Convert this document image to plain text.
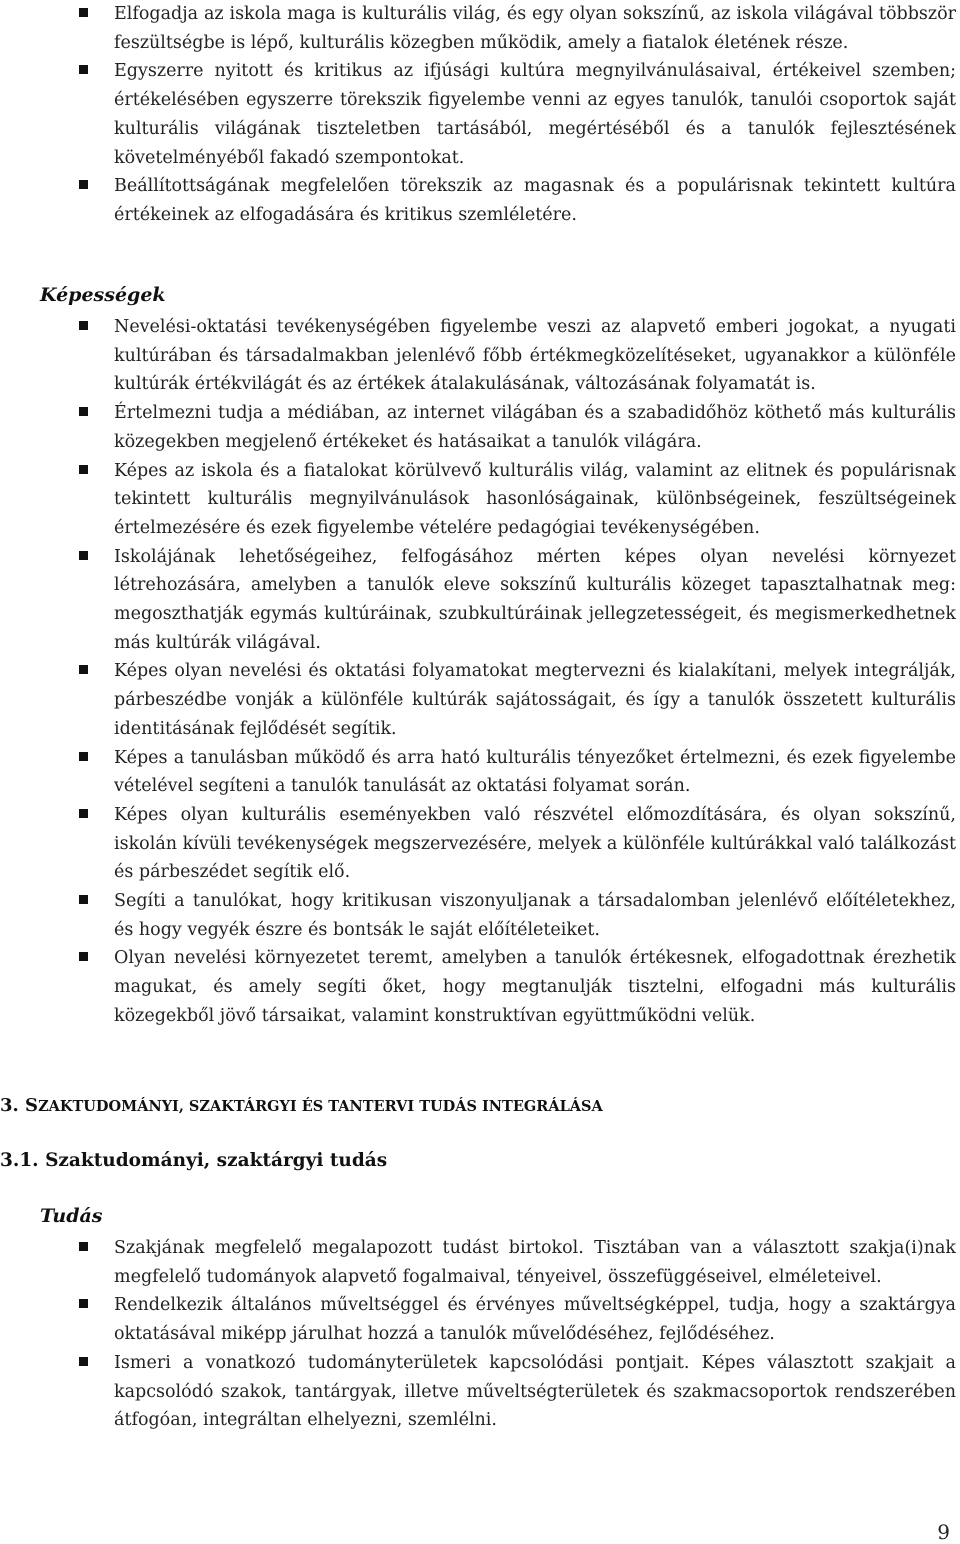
Elfogadja az iskola maga is kulturális világ, és egy olyan sokszínű, az iskola világával többször feszültségbe is lépő, kulturális közegben működik, amely a fiatalok életének része.
Egyszerre nyitott és kritikus az ifjúsági kultúra megnyilvánulásaival, értékeivel szemben; értékelésében egyszerre törekszik figyelembe venni az egyes tanulók, tanulói csoportok saját kulturális világának tiszteletben tartásából, megértéséből és a tanulók fejlesztésének követelményéből fakadó szempontokat.
Beállítottságának megfelelően törekszik az magasnak és a populárisnak tekintett kultúra értékeinek az elfogadására és kritikus szemléletére.
Képességek
Nevelési-oktatási tevékenységében figyelembe veszi az alapvető emberi jogokat, a nyugati kultúrában és társadalmakban jelenlévő főbb értékmegközelítéseket, ugyanakkor a különféle kultúrák értékvilágát és az értékek átalakulásának, változásának folyamatát is.
Értelmezni tudja a médiában, az internet világában és a szabadidőhöz köthető más kulturális közegekben megjelenő értékeket és hatásaikat a tanulók világára.
Képes az iskola és a fiatalokat körülvevő kulturális világ, valamint az elitnek és populárisnak tekintett kulturális megnyilvánulások hasonlóságainak, különbségeinek, feszültségeinek értelmezésére és ezek figyelembe vételére pedagógiai tevékenységében.
Iskolájának lehetőségeihez, felfogásához mérten képes olyan nevelési környezet létrehozására, amelyben a tanulók eleve sokszínű kulturális közeget tapasztalhatnak meg: megoszthatják egymás kultúráinak, szubkultúráinak jellegzetességeit, és megismerkedhetnek más kultúrák világával.
Képes olyan nevelési és oktatási folyamatokat megtervezni és kialakítani, melyek integrálják, párbeszédbe vonják a különféle kultúrák sajátosságait, és így a tanulók összetett kulturális identitásának fejlődését segítik.
Képes a tanulásban működő és arra ható kulturális tényezőket értelmezni, és ezek figyelembe vételével segíteni a tanulók tanulását az oktatási folyamat során.
Képes olyan kulturális eseményekben való részvétel előmozdítására, és olyan sokszínű, iskolán kívüli tevékenységek megszervezésére, melyek a különféle kultúrákkal való találkozást és párbeszédet segítik elő.
Segíti a tanulókat, hogy kritikusan viszonyuljanak a társadalomban jelenlévő előítéletekhez, és hogy vegyék észre és bontsák le saját előítéleteiket.
Olyan nevelési környezetet teremt, amelyben a tanulók értékesnek, elfogadottnak érezhetik magukat, és amely segíti őket, hogy megtanulják tisztelni, elfogadni más kulturális közegekből jövő társaikat, valamint konstruktívan együttműködni velük.
3. SZAKTUDOMÁNYI, SZAKTÁRGYI ÉS TANTERVI TUDÁS INTEGRÁLÁSA
3.1. Szaktudományi, szaktárgyi tudás
Tudás
Szakjának megfelelő megalapozott tudást birtokol. Tisztában van a választott szakja(i)nak megfelelő tudományok alapvető fogalmaival, tényeivel, összefüggéseivel, elméleteivel.
Rendelkezik általános műveltséggel és érvényes műveltségképpel, tudja, hogy a szaktárgya oktatásával miképp járulhat hozzá a tanulók művelődéséhez, fejlődéséhez.
Ismeri a vonatkozó tudományterületek kapcsolódási pontjait. Képes választott szakjait a kapcsolódó szakok, tantárgyak, illetve műveltségterületek és szakmacsoportok rendszerében átfogóan, integráltan elhelyezni, szemlélni.
9
